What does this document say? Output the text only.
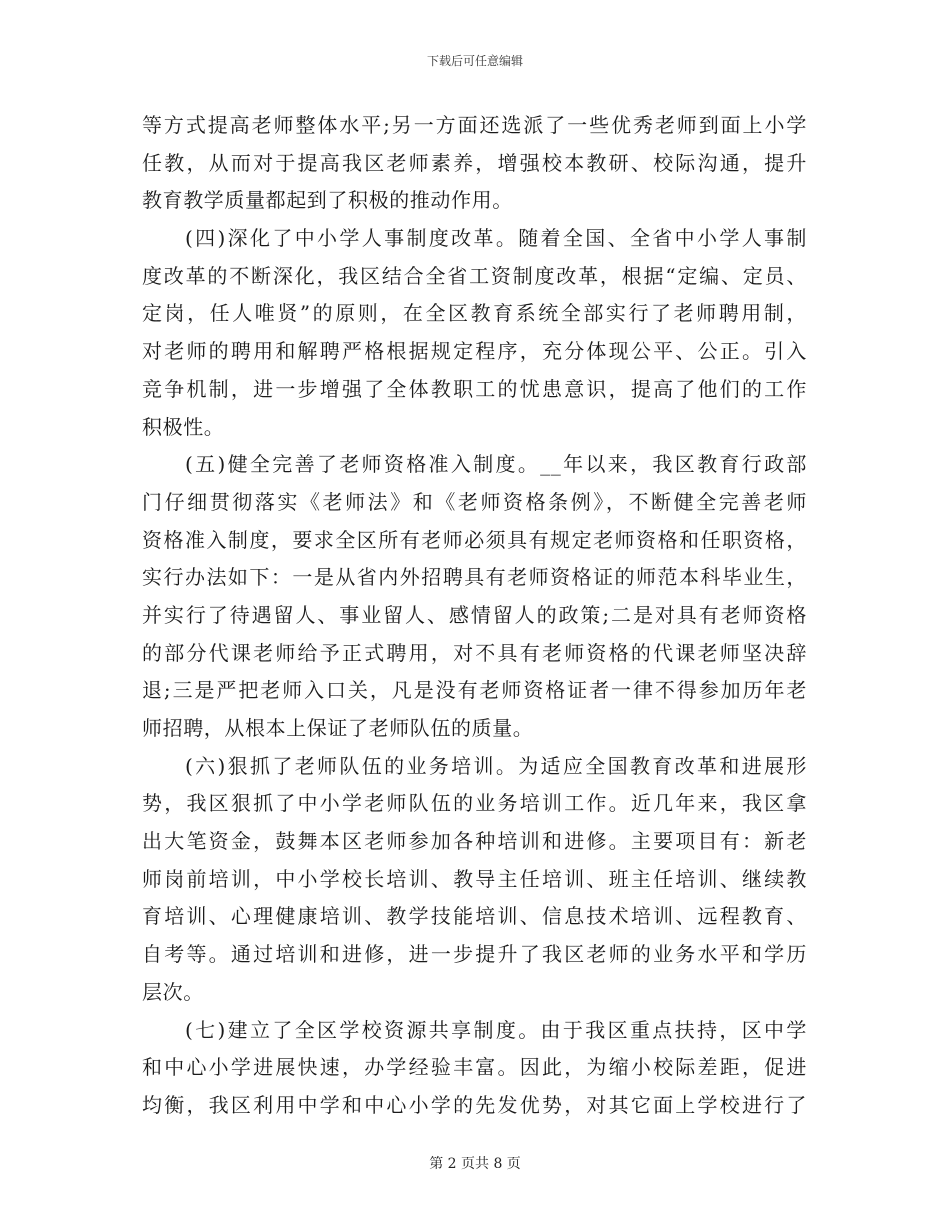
下载后可任意编辑
等方式提高老师整体水平;另一方面还选派了一些优秀老师到面上小学
任教，从而对于提高我区老师素养，增强校本教研、校际沟通，提升
教育教学质量都起到了积极的推动作用。
(四)深化了中小学人事制度改革。随着全国、全省中小学人事制
度改革的不断深化，我区结合全省工资制度改革，根据“定编、定员、
定岗，任人唯贤”的原则，在全区教育系统全部实行了老师聘用制，
对老师的聘用和解聘严格根据规定程序，充分体现公平、公正。引入
竞争机制，进一步增强了全体教职工的忧患意识，提高了他们的工作
积极性。
(五)健全完善了老师资格准入制度。__年以来，我区教育行政部
门仔细贯彻落实《老师法》和《老师资格条例》，不断健全完善老师
资格准入制度，要求全区所有老师必须具有规定老师资格和任职资格，
实行办法如下：一是从省内外招聘具有老师资格证的师范本科毕业生，
并实行了待遇留人、事业留人、感情留人的政策;二是对具有老师资格
的部分代课老师给予正式聘用，对不具有老师资格的代课老师坚决辞
退;三是严把老师入口关，凡是没有老师资格证者一律不得参加历年老
师招聘，从根本上保证了老师队伍的质量。
(六)狠抓了老师队伍的业务培训。为适应全国教育改革和进展形
势，我区狠抓了中小学老师队伍的业务培训工作。近几年来，我区拿
出大笔资金，鼓舞本区老师参加各种培训和进修。主要项目有：新老
师岗前培训，中小学校长培训、教导主任培训、班主任培训、继续教
育培训、心理健康培训、教学技能培训、信息技术培训、远程教育、
自考等。通过培训和进修，进一步提升了我区老师的业务水平和学历
层次。
(七)建立了全区学校资源共享制度。由于我区重点扶持，区中学
和中心小学进展快速，办学经验丰富。因此，为缩小校际差距，促进
均衡，我区利用中学和中心小学的先发优势，对其它面上学校进行了
第 2 页共 8 页
